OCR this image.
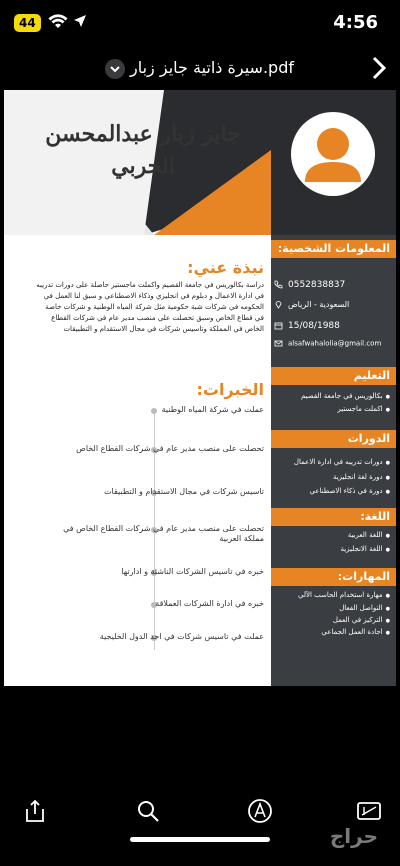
44	4:56
سيرة ذاتية جايز زبار.pdf
جايز زبار عبدالمحسن
الحربي
المعلومات الشخصية:
0552838837
السعودية - الرياض
15/08/1988
alsafwahalolia@gmail.com
التعليم
● بكالوريس في جامعة القصيم
● اكملت ماجستير
الدورات
● دورات تدريبه في ادارة الاعمال
● دورة لغة انجليزية
● دورة في ذكاء الاصطناعي
اللغة:
● اللغة العربية
● اللغة الانجليزية
المهارات:
● مهارة استخدام الحاسب الآلي
● التواصل الفعال
● التركيز في العمل
● اجادة العمل الجماعي
نبذة عني:
دراسة بكالوريس في جامعة القصيم واكملت ماجستير حاصلة على دورات تدريبه في ادارة الاعمال و دبلوم في انجليزي وذكاء الاصطناعي و سبق لنا العمل في الحكومه في شركات شبة حكومية مثل شركة المياه الوطنية و شركات خاصة في قطاع الخاص وسبق تحصلت على منصب مدير عام في شركات القطاع الخاص في المملكة وتاسيس شركات في مجال الاستقدام و التطبيقات
الخبرات:
عملت في شركة المياه الوطنية
تحصلت على منصب مدير عام في شركات القطاع الخاص
تاسيس شركات في مجال الاستقدام و التطبيقات
تحصلت على منصب مدير عام في شركات القطاع الخاص في مملكة العربية
خبره في تاسيس الشركات الناشئة و ادارتها
خبره في ادارة الشركات العملاقة
عملت في تاسيس شركات في احد الدول الخليجية
حراج
